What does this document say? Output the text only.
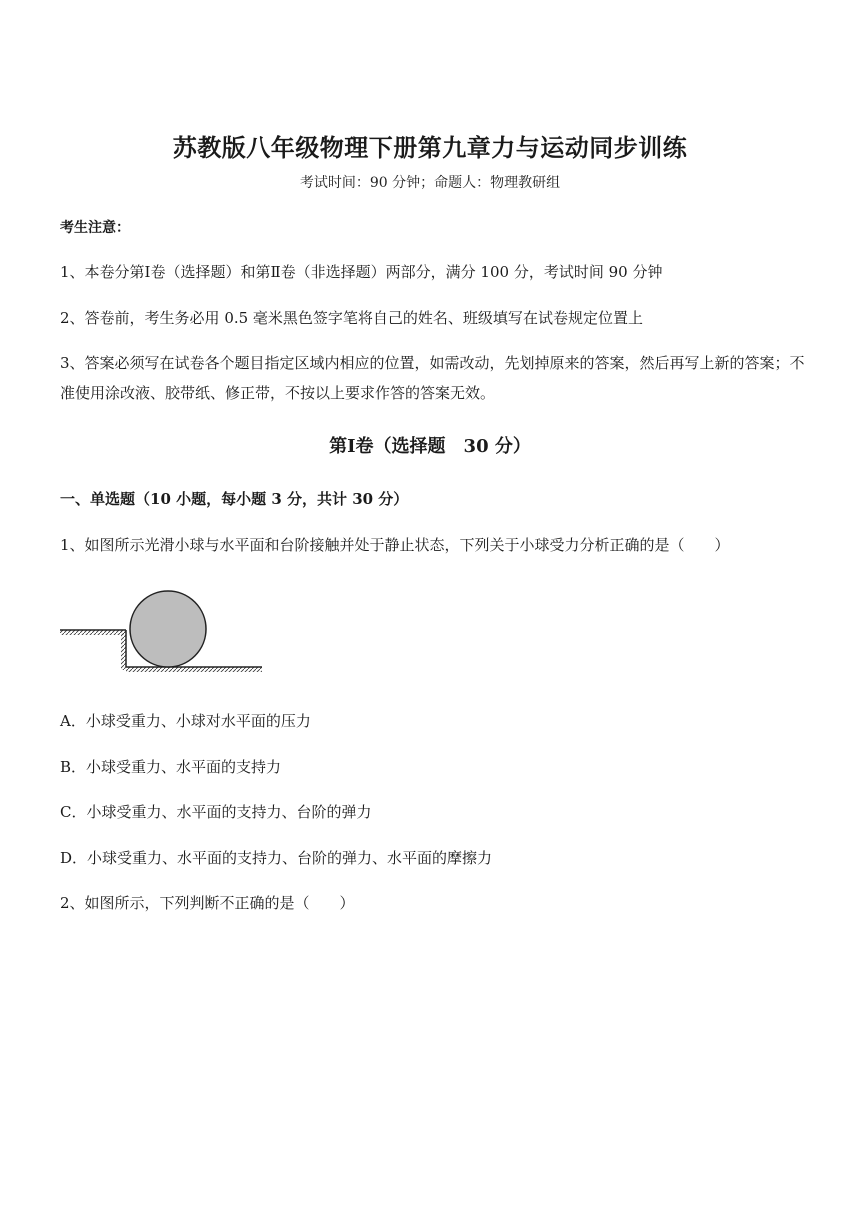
苏教版八年级物理下册第九章力与运动同步训练
考试时间：90 分钟；命题人：物理教研组
考生注意：
1、本卷分第Ⅰ卷（选择题）和第Ⅱ卷（非选择题）两部分，满分 100 分，考试时间 90 分钟
2、答卷前，考生务必用 0.5 毫米黑色签字笔将自己的姓名、班级填写在试卷规定位置上
3、答案必须写在试卷各个题目指定区域内相应的位置，如需改动，先划掉原来的答案，然后再写上新的答案；不准使用涂改液、胶带纸、修正带，不按以上要求作答的答案无效。
第Ⅰ卷（选择题　30 分）
一、单选题（10 小题，每小题 3 分，共计 30 分）
1、如图所示光滑小球与水平面和台阶接触并处于静止状态，下列关于小球受力分析正确的是（　　）
A．小球受重力、小球对水平面的压力
B．小球受重力、水平面的支持力
C．小球受重力、水平面的支持力、台阶的弹力
D．小球受重力、水平面的支持力、台阶的弹力、水平面的摩擦力
2、如图所示，下列判断不正确的是（　　）
